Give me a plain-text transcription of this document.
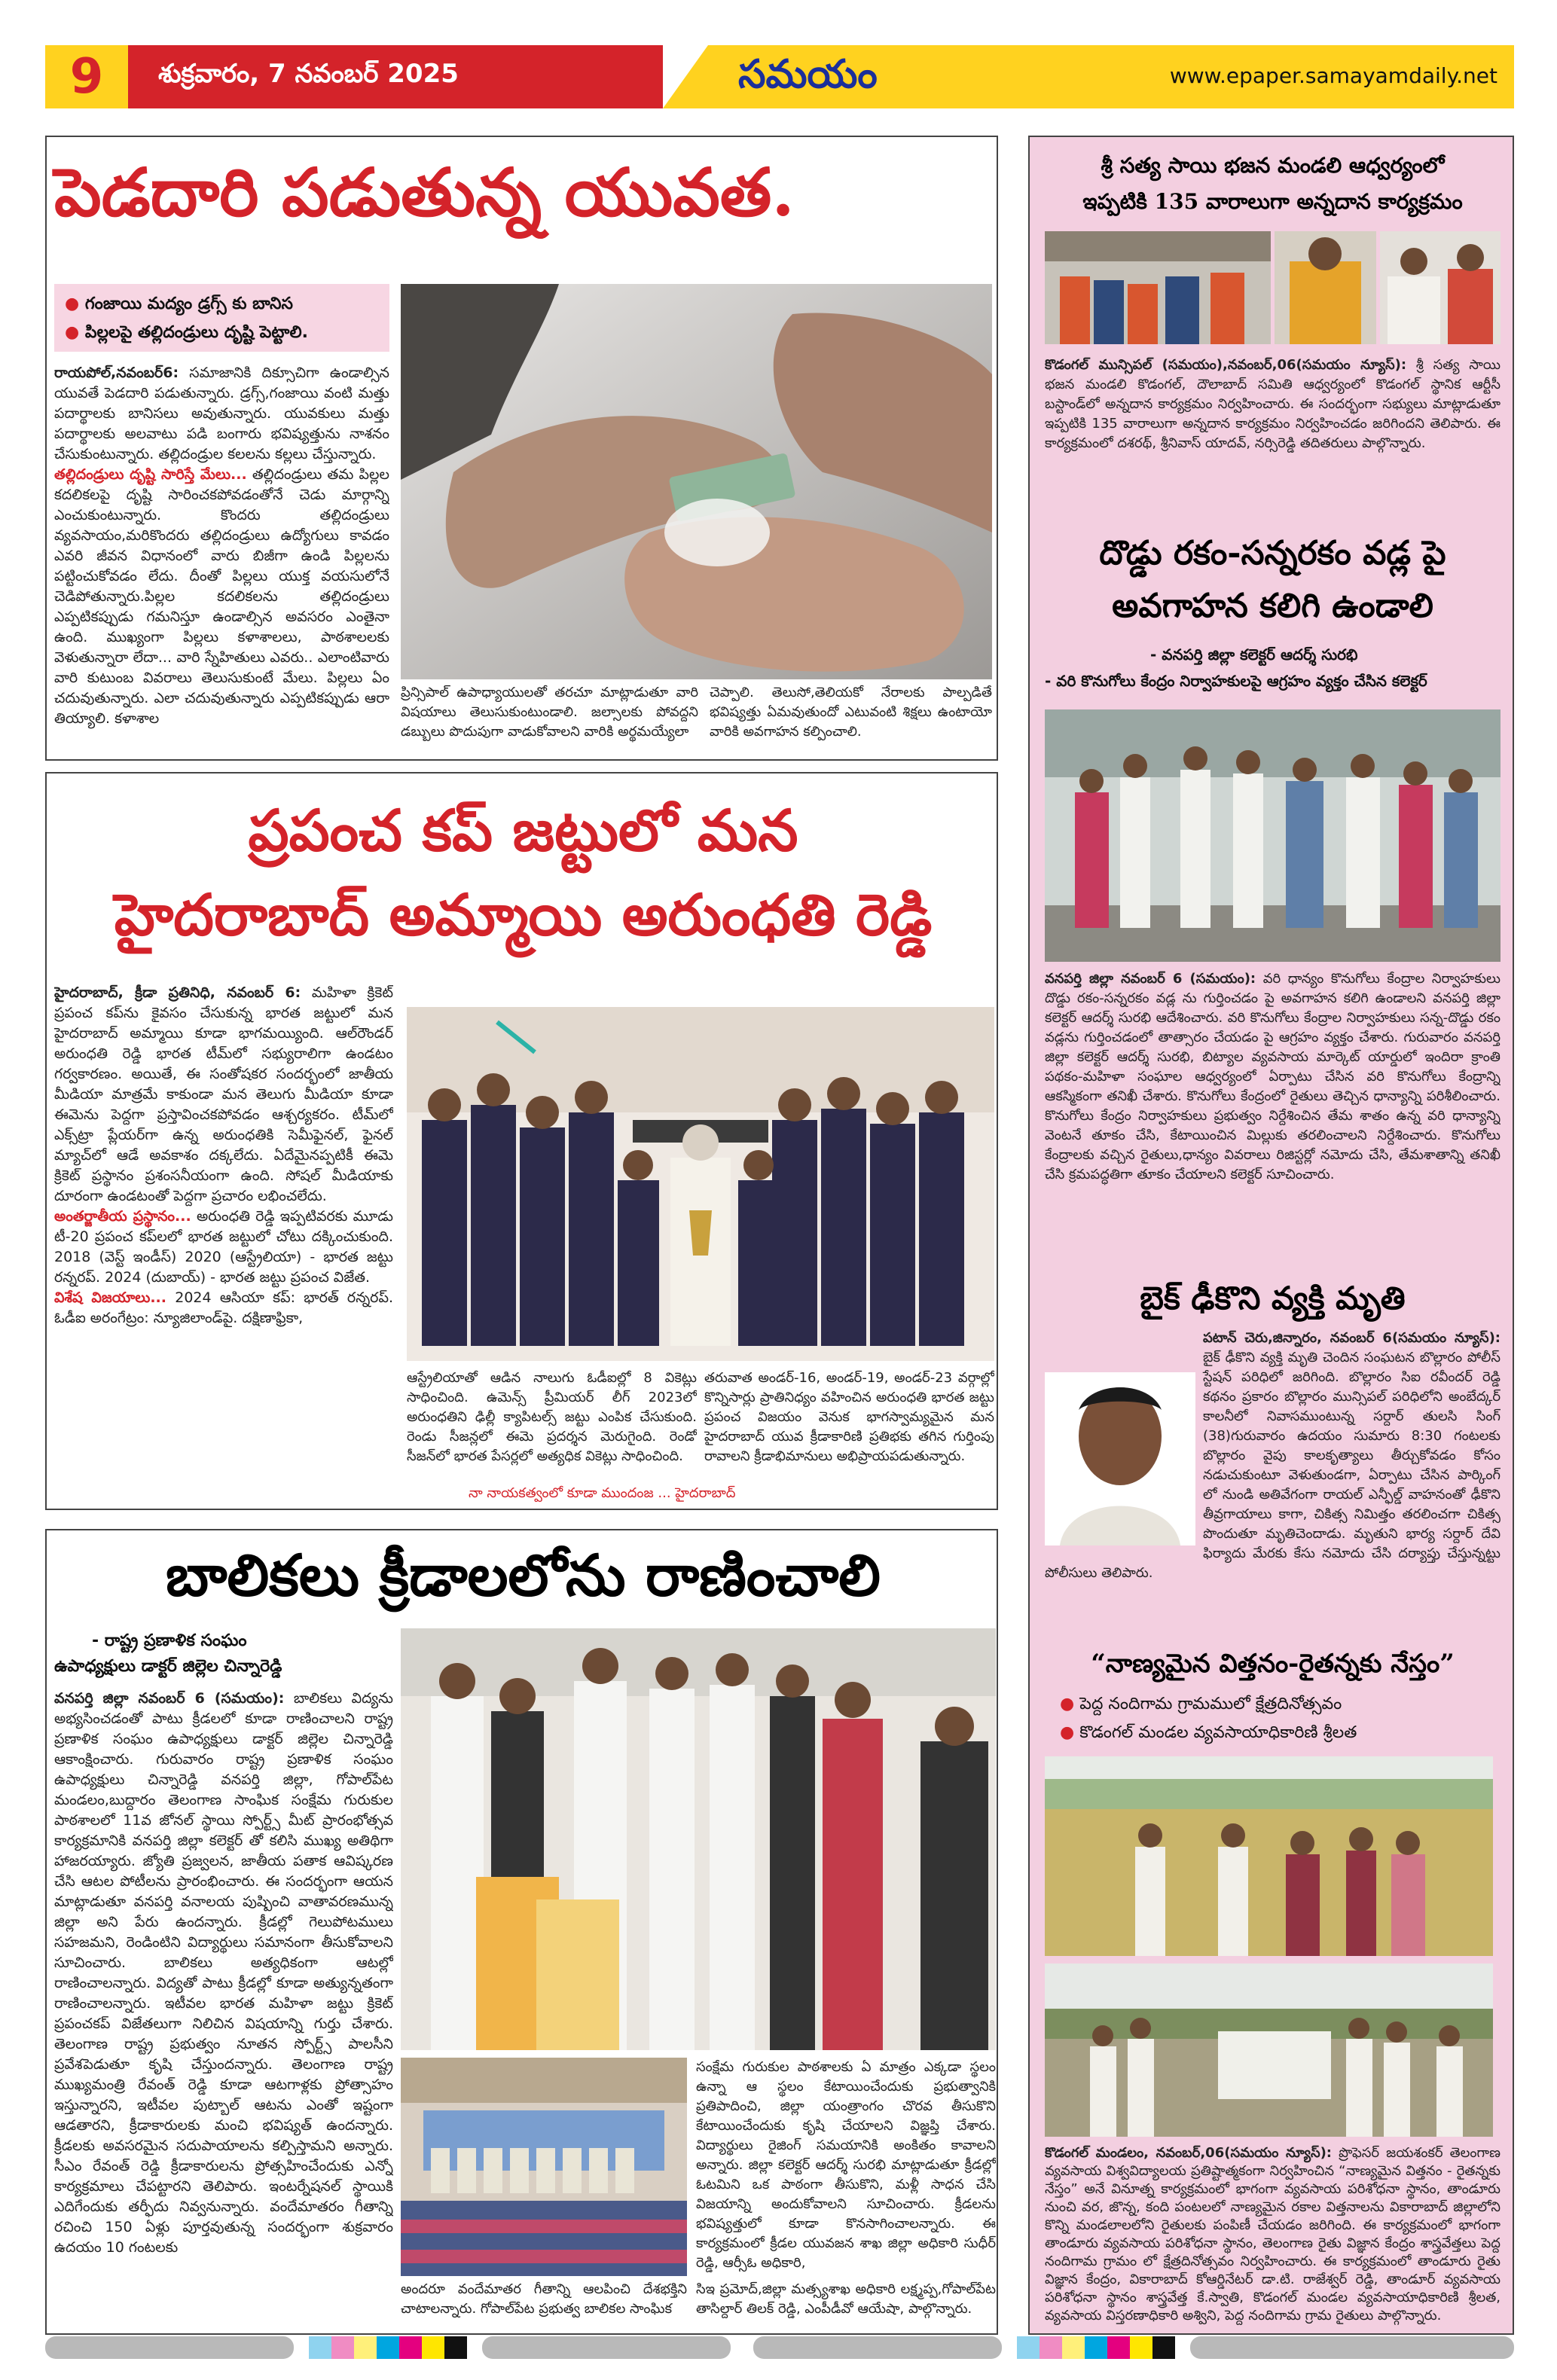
9	శుక్రవారం, 7 నవంబర్ 2025	సమయం	www.epaper.samayamdaily.net
పెడదారి పడుతున్న యువత.
● గంజాయి మద్యం డ్రగ్స్ కు బానిస
● పిల్లలపై తల్లిదండ్రులు దృష్టి పెట్టాలి.
రాయపోల్,నవంబర్6: సమాజానికి దిక్సూచిగా ఉండాల్సిన యువతే పెడదారి పడుతున్నారు. డ్రగ్స్,గంజాయి వంటి మత్తు పదార్థాలకు బానిసలు అవుతున్నారు. యువకులు మత్తు పదార్థాలకు అలవాటు పడి బంగారు భవిష్యత్తును నాశనం చేసుకుంటున్నారు. తల్లిదండ్రుల కలలను కల్లలు చేస్తున్నారు.
తల్లిదండ్రులు దృష్టి సారిస్తే మేలు... తల్లిదండ్రులు తమ పిల్లల కదలికలపై దృష్టి సారించకపోవడంతోనే చెడు మార్గాన్ని ఎంచుకుంటున్నారు. కొందరు తల్లిదండ్రులు వ్యవసాయం,మరికొందరు తల్లిదండ్రులు ఉద్యోగులు కావడం ఎవరి జీవన విధానంలో వారు బిజీగా ఉండి పిల్లలను పట్టించుకోవడం లేదు. దీంతో పిల్లలు యుక్త వయసులోనే చెడిపోతున్నారు.పిల్లల కదలికలను తల్లిదండ్రులు ఎప్పటికప్పుడు గమనిస్తూ ఉండాల్సిన అవసరం ఎంతైనా ఉంది. ముఖ్యంగా పిల్లలు కళాశాలలు, పాఠశాలలకు వెళుతున్నారా లేదా... వారి స్నేహితులు ఎవరు.. ఎలాంటివారు వారి కుటుంబ వివరాలు తెలుసుకుంటే మేలు. పిల్లలు ఏం చదువుతున్నారు. ఎలా చదువుతున్నారు ఎప్పటికప్పుడు ఆరా తియ్యాలి. కళాశాల
ప్రిన్సిపాల్ ఉపాధ్యాయులతో తరచూ మాట్లాడుతూ వారి విషయాలు తెలుసుకుంటుండాలి. జల్సాలకు పోవద్దని డబ్బులు పొదుపుగా వాడుకోవాలని వారికి అర్థమయ్యేలా
చెప్పాలి. తెలుసో,తెలియకో నేరాలకు పాల్పడితే భవిష్యత్తు ఏమవుతుందో ఎటువంటి శిక్షలు ఉంటాయో వారికి అవగాహన కల్పించాలి.
ప్రపంచ కప్ జట్టులో మన
హైదరాబాద్ అమ్మాయి అరుంధతి రెడ్డి
హైదరాబాద్, క్రీడా ప్రతినిధి, నవంబర్ 6: మహిళా క్రికెట్ ప్రపంచ కప్‌ను కైవసం చేసుకున్న భారత జట్టులో మన హైదరాబాద్ అమ్మాయి కూడా భాగమయ్యింది. ఆల్‌రౌండర్ అరుంధతి రెడ్డి భారత టీమ్‌లో సభ్యురాలిగా ఉండటం గర్వకారణం. అయితే, ఈ సంతోషకర సందర్భంలో జాతీయ మీడియా మాత్రమే కాకుండా మన తెలుగు మీడియా కూడా ఈమెను పెద్దగా ప్రస్తావించకపోవడం ఆశ్చర్యకరం. టీమ్‌లో ఎక్స్‌ట్రా ప్లేయర్‌గా ఉన్న అరుంధతికి సెమీఫైనల్, ఫైనల్ మ్యాచ్‌లో ఆడే అవకాశం దక్కలేదు. ఏదేమైనప్పటికీ ఈమె క్రికెట్ ప్రస్థానం ప్రశంసనీయంగా ఉంది. సోషల్ మీడియాకు దూరంగా ఉండటంతో పెద్దగా ప్రచారం లభించలేదు.
అంతర్జాతీయ ప్రస్థానం... అరుంధతి రెడ్డి ఇప్పటివరకు మూడు టీ-20 ప్రపంచ కప్‌లలో భారత జట్టులో చోటు దక్కించుకుంది. 2018 (వెస్ట్ ఇండీస్) 2020 (ఆస్ట్రేలియా) - భారత జట్టు రన్నరప్. 2024 (దుబాయ్) - భారత జట్టు ప్రపంచ విజేత.
విశేష విజయాలు... 2024 ఆసియా కప్: భారత్ రన్నరప్. ఓడీఐ అరంగేట్రం: న్యూజిలాండ్‌పై. దక్షిణాఫ్రికా,
ఆస్ట్రేలియాతో ఆడిన నాలుగు ఓడీఐల్లో 8 వికెట్లు సాధించింది. ఉమెన్స్ ప్రీమియర్ లీగ్ 2023లో అరుంధతిని ఢిల్లీ క్యాపిటల్స్ జట్టు ఎంపిక చేసుకుంది. రెండు సీజన్లలో ఈమె ప్రదర్శన మెరుగైంది. రెండో సీజన్‌లో భారత పేసర్లలో అత్యధిక వికెట్లు సాధించింది.
తరువాత అండర్-16, అండర్-19, అండర్-23 వర్గాల్లో కొన్నిసార్లు ప్రాతినిధ్యం వహించిన అరుంధతి భారత జట్టు ప్రపంచ విజయం వెనుక భాగస్వామ్యమైన మన హైదరాబాద్ యువ క్రీడాకారిణి ప్రతిభకు తగిన గుర్తింపు రావాలని క్రీడాభిమానులు అభిప్రాయపడుతున్నారు.
నా నాయకత్వంలో కూడా ముందంజ ... హైదరాబాద్
బాలికలు క్రీడాలలోను రాణించాలి
- రాష్ట్ర ప్రణాళిక సంఘం
ఉపాధ్యక్షులు డాక్టర్ జిల్లెల చిన్నారెడ్డి
వనపర్తి జిల్లా నవంబర్ 6 (సమయం): బాలికలు విద్యను అభ్యసించడంతో పాటు క్రీడలలో కూడా రాణించాలని రాష్ట్ర ప్రణాళిక సంఘం ఉపాధ్యక్షులు డాక్టర్ జిల్లెల చిన్నారెడ్డి ఆకాంక్షించారు. గురువారం రాష్ట్ర ప్రణాళిక సంఘం ఉపాధ్యక్షులు చిన్నారెడ్డి వనపర్తి జిల్లా, గోపాల్‌పేట మండలం,బుద్దారం తెలంగాణ సాంఘిక సంక్షేమ గురుకుల పాఠశాలలో 11వ జోనల్ స్థాయి స్పోర్ట్స్ మీట్ ప్రారంభోత్సవ కార్యక్రమానికి వనపర్తి జిల్లా కలెక్టర్ తో కలిసి ముఖ్య అతిథిగా హాజరయ్యారు. జ్యోతి ప్రజ్వలన, జాతీయ పతాక ఆవిష్కరణ చేసి ఆటల పోటీలను ప్రారంభించారు. ఈ సందర్భంగా ఆయన మాట్లాడుతూ వనపర్తి వనాలయ పుష్పించి వాతావరణమున్న జిల్లా అని పేరు ఉందన్నారు. క్రీడల్లో గెలుపోటములు సహజమని, రెండింటిని విద్యార్థులు సమానంగా తీసుకోవాలని సూచించారు. బాలికలు అత్యధికంగా ఆటల్లో రాణించాలన్నారు. విద్యతో పాటు క్రీడల్లో కూడా అత్యున్నతంగా రాణించాలన్నారు. ఇటీవల భారత మహిళా జట్టు క్రికెట్ ప్రపంచకప్ విజేతలుగా నిలిచిన విషయాన్ని గుర్తు చేశారు. తెలంగాణ రాష్ట్ర ప్రభుత్వం నూతన స్పోర్ట్స్ పాలసీని ప్రవేశపెడుతూ కృషి చేస్తుందన్నారు. తెలంగాణ రాష్ట్ర ముఖ్యమంత్రి రేవంత్ రెడ్డి కూడా ఆటగాళ్లకు ప్రోత్సాహం ఇస్తున్నారని, ఇటీవల పుట్బాల్ ఆటను ఎంతో ఇష్టంగా ఆడతారని, క్రీడాకారులకు మంచి భవిష్యత్ ఉందన్నారు. క్రీడలకు అవసరమైన సదుపాయాలను కల్పిస్తామని అన్నారు. సీఎం రేవంత్ రెడ్డి క్రీడాకారులను ప్రోత్సహించేందుకు ఎన్నో కార్యక్రమాలు చేపట్టారని తెలిపారు. ఇంటర్నేషనల్ స్థాయికి ఎదిగేందుకు తర్ఫీదు నివ్వనున్నారు. వందేమాతరం గీతాన్ని రచించి 150 ఏళ్లు పూర్తవుతున్న సందర్భంగా శుక్రవారం ఉదయం 10 గంటలకు
సంక్షేమ గురుకుల పాఠశాలకు ఏ మాత్రం ఎక్కడా స్థలం ఉన్నా ఆ స్థలం కేటాయించేందుకు ప్రభుత్వానికి ప్రతిపాదించి, జిల్లా యంత్రాంగం చొరవ తీసుకొని కేటాయించేందుకు కృషి చేయాలని విజ్ఞప్తి చేశారు. విద్యార్థులు రైజింగ్ సమయానికి అంకితం కావాలని అన్నారు. జిల్లా కలెక్టర్ ఆదర్శ్ సురభి మాట్లాడుతూ క్రీడల్లో ఓటమిని ఒక పాఠంగా తీసుకొని, మళ్లీ సాధన చేసి విజయాన్ని అందుకోవాలని సూచించారు. క్రీడలను భవిష్యత్తులో కూడా కొనసాగించాలన్నారు. ఈ కార్యక్రమంలో క్రీడల యువజన శాఖ జిల్లా అధికారి సుధీర్ రెడ్డి, ఆర్సీఓ అధికారి,
అందరూ వందేమాతర గీతాన్ని ఆలపించి దేశభక్తిని చాటాలన్నారు. గోపాల్‌పేట ప్రభుత్వ బాలికల సాంఘిక
సిఇ ప్రమోద్,జిల్లా మత్స్యశాఖ అధికారి లక్ష్మప్ప,గోపాల్‌పేట తాసిల్దార్ తిలక్ రెడ్డి, ఎంపీడీవో ఆయేషా, పాల్గొన్నారు.
శ్రీ సత్య సాయి భజన మండలి ఆధ్వర్యంలో
ఇప్పటికి 135 వారాలుగా అన్నదాన కార్యక్రమం
కొడంగల్ మున్సిపల్ (సమయం),నవంబర్,06(సమయం న్యూస్): శ్రీ సత్య సాయి భజన మండలి కొడంగల్, దౌలాబాద్ సమితి ఆధ్వర్యంలో కొడంగల్ స్థానిక ఆర్టీసీ బస్టాండ్‌లో అన్నదాన కార్యక్రమం నిర్వహించారు. ఈ సందర్భంగా సభ్యులు మాట్లాడుతూ ఇప్పటికి 135 వారాలుగా అన్నదాన కార్యక్రమం నిర్వహించడం జరిగిందని తెలిపారు. ఈ కార్యక్రమంలో దశరథ్, శ్రీనివాస్ యాదవ్, నర్సిరెడ్డి తదితరులు పాల్గొన్నారు.
దొడ్డు రకం-సన్నరకం వడ్ల పై
అవగాహన కలిగి ఉండాలి
- వనపర్తి జిల్లా కలెక్టర్ ఆదర్శ్ సురభి
- వరి కొనుగోలు కేంద్రం నిర్వాహకులపై ఆగ్రహం వ్యక్తం చేసిన కలెక్టర్
వనపర్తి జిల్లా నవంబర్ 6 (సమయం): వరి ధాన్యం కొనుగోలు కేంద్రాల నిర్వాహకులు దొడ్డు రకం-సన్నరకం వడ్ల ను గుర్తించడం పై అవగాహన కలిగి ఉండాలని వనపర్తి జిల్లా కలెక్టర్ ఆదర్శ్ సురభి ఆదేశించారు. వరి కొనుగోలు కేంద్రాల నిర్వాహకులు సన్న-దొడ్డు రకం వడ్లను గుర్తించడంలో తాత్సారం చేయడం పై ఆగ్రహం వ్యక్తం చేశారు. గురువారం వనపర్తి జిల్లా కలెక్టర్ ఆదర్శ్ సురభి, బిట్యాల వ్యవసాయ మార్కెట్ యార్డులో ఇందిరా క్రాంతి పథకం-మహిళా సంఘాల ఆధ్వర్యంలో ఏర్పాటు చేసిన వరి కొనుగోలు కేంద్రాన్ని ఆకస్మికంగా తనిఖీ చేశారు. కొనుగోలు కేంద్రంలో రైతులు తెచ్చిన ధాన్యాన్ని పరిశీలించారు. కొనుగోలు కేంద్రం నిర్వాహకులు ప్రభుత్వం నిర్దేశించిన తేమ శాతం ఉన్న వరి ధాన్యాన్ని వెంటనే తూకం చేసి, కేటాయించిన మిల్లుకు తరలించాలని నిర్దేశించారు. కొనుగోలు కేంద్రాలకు వచ్చిన రైతులు,ధాన్యం వివరాలు రిజిస్టర్లో నమోదు చేసి, తేమశాతాన్ని తనిఖీ చేసి క్రమపద్ధతిగా తూకం చేయాలని కలెక్టర్ సూచించారు.
బైక్ ఢీకొని వ్యక్తి మృతి
పటాన్ చెరు,జిన్నారం, నవంబర్ 6(సమయం న్యూస్): బైక్ ఢీకొని వ్యక్తి మృతి చెందిన సంఘటన బొల్లారం పోలీస్ స్టేషన్ పరిధిలో జరిగింది. బొల్లారం సిఐ రవీందర్ రెడ్డి కథనం ప్రకారం బొల్లారం మున్సిపల్ పరిధిలోని అంబేద్కర్ కాలనీలో నివాసముంటున్న సర్దార్ తులసి సింగ్ (38)గురువారం ఉదయం సుమారు 8:30 గంటలకు బొల్లారం వైపు కాలకృత్యాలు తీర్చుకోవడం కోసం నడుచుకుంటూ వెళుతుండగా, ఏర్పాటు చేసిన పార్కింగ్ లో నుండి అతివేగంగా రాయల్ ఎన్ఫీల్డ్ వాహనంతో ఢీకొని తీవ్రగాయాలు కాగా, చికిత్స నిమిత్తం తరలించగా చికిత్స పొందుతూ మృతిచెందాడు. మృతుని భార్య సర్దార్ దేవి ఫిర్యాదు మేరకు కేసు నమోదు చేసి దర్యాప్తు చేస్తున్నట్టు పోలీసులు తెలిపారు.
“నాణ్యమైన విత్తనం-రైతన్నకు నేస్తం”
● పెద్ద నందిగామ గ్రామములో క్షేత్రదినోత్సవం
● కొడంగల్ మండల వ్యవసాయాధికారిణి శ్రీలత
కొడంగల్ మండలం, నవంబర్,06(సమయం న్యూస్): ప్రొఫెసర్ జయశంకర్ తెలంగాణ వ్యవసాయ విశ్వవిద్యాలయ ప్రతిష్టాత్మకంగా నిర్వహించిన “నాణ్యమైన విత్తనం - రైతన్నకు నేస్తం” అనే వినూత్న కార్యక్రమంలో భాగంగా వ్యవసాయ పరిశోధనా స్థానం, తాండూరు నుంచి వర, జొన్న, కంది పంటలలో నాణ్యమైన రకాల విత్తనాలను వికారాబాద్ జిల్లాలోని కొన్ని మండలాలలోని రైతులకు పంపిణీ చేయడం జరిగింది. ఈ కార్యక్రమంలో భాగంగా తాండూరు వ్యవసాయ పరిశోధనా స్థానం, తెలంగాణ రైతు విజ్ఞాన కేంద్రం శాస్త్రవేత్తలు పెద్ద నందిగామ గ్రామం లో క్షేత్రదినోత్సవం నిర్వహించారు. ఈ కార్యక్రమంలో తాండూరు రైతు విజ్ఞాన కేంద్రం, వికారాబాద్ కోఆర్డినేటర్ డా.టి. రాజేశ్వర్ రెడ్డి, తాండూర్ వ్యవసాయ పరిశోధనా స్థానం శాస్త్రవేత్త కే.స్వాతి, కొడంగల్ మండల వ్యవసాయాధికారిణి శ్రీలత, వ్యవసాయ విస్తరణాధికారి అశ్విని, పెద్ద నందిగామ గ్రామ రైతులు పాల్గొన్నారు.
